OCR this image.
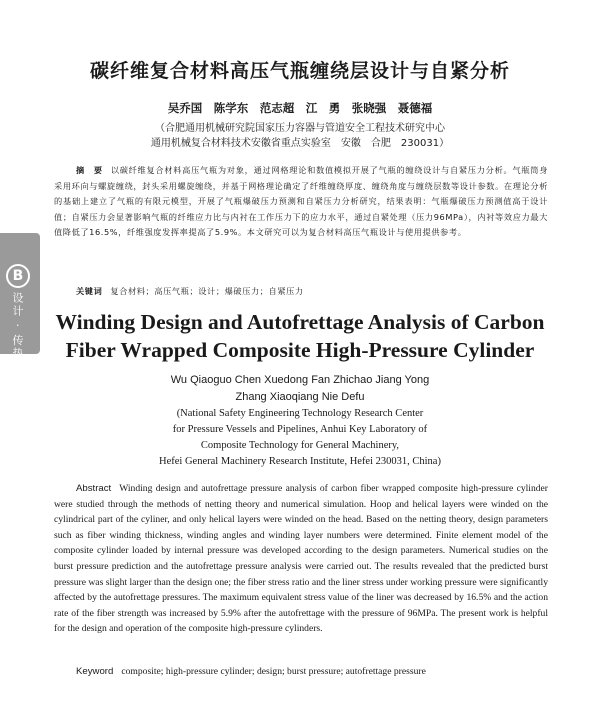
碳纤维复合材料高压气瓶缠绕层设计与自紧分析
吴乔国　陈学东　范志超　江　勇　张晓强　聂德福
（合肥通用机械研究院国家压力容器与管道安全工程技术研究中心
通用机械复合材料技术安徽省重点实验室　安徽　合肥　230031）
摘　要 以碳纤维复合材料高压气瓶为对象，通过网格理论和数值模拟开展了气瓶的缠绕设计与自紧压力分析。气瓶筒身采用环向与螺旋缠绕，封头采用螺旋缠绕，并基于网格理论确定了纤维缠绕厚度、缠绕角度与缠绕层数等设计参数。在理论分析的基础上建立了气瓶的有限元模型，开展了气瓶爆破压力预测和自紧压力分析研究，结果表明：气瓶爆破压力预测值高于设计值；自紧压力会显著影响气瓶的纤维应力比与内衬在工作压力下的应力水平，通过自紧处理（压力96MPa），内衬等效应力最大值降低了16.5%，纤维强度发挥率提高了5.9%。本文研究可以为复合材料高压气瓶设计与使用提供参考。
关键词 复合材料；高压气瓶；设计；爆破压力；自紧压力
B
设计 · 传热	Winding Design and Autofrettage Analysis of Carbon
Fiber Wrapped Composite High-Pressure Cylinder
Wu Qiaoguo Chen Xuedong Fan Zhichao Jiang Yong
Zhang Xiaoqiang Nie Defu
(National Safety Engineering Technology Research Center
for Pressure Vessels and Pipelines, Anhui Key Laboratory of
Composite Technology for General Machinery,
Hefei General Machinery Research Institute, Hefei 230031, China)
Abstract Winding design and autofrettage pressure analysis of carbon fiber wrapped composite high-pressure cylinder were studied through the methods of netting theory and numerical simulation. Hoop and helical layers were winded on the cylindrical part of the cyliner, and only helical layers were winded on the head. Based on the netting theory, design parameters such as fiber winding thickness, winding angles and winding layer numbers were determined. Finite element model of the composite cylinder loaded by internal pressure was developed according to the design parameters. Numerical studies on the burst pressure prediction and the autofrettage pressure analysis were carried out. The results revealed that the predicted burst pressure was slight larger than the design one; the fiber stress ratio and the liner stress under working pressure were significantly affected by the autofrettage pressures. The maximum equivalent stress value of the liner was decreased by 16.5% and the action rate of the fiber strength was increased by 5.9% after the autofrettage with the pressure of 96MPa. The present work is helpful for the design and operation of the composite high-pressure cylinders.
Keyword composite; high-pressure cylinder; design; burst pressure; autofrettage pressure
